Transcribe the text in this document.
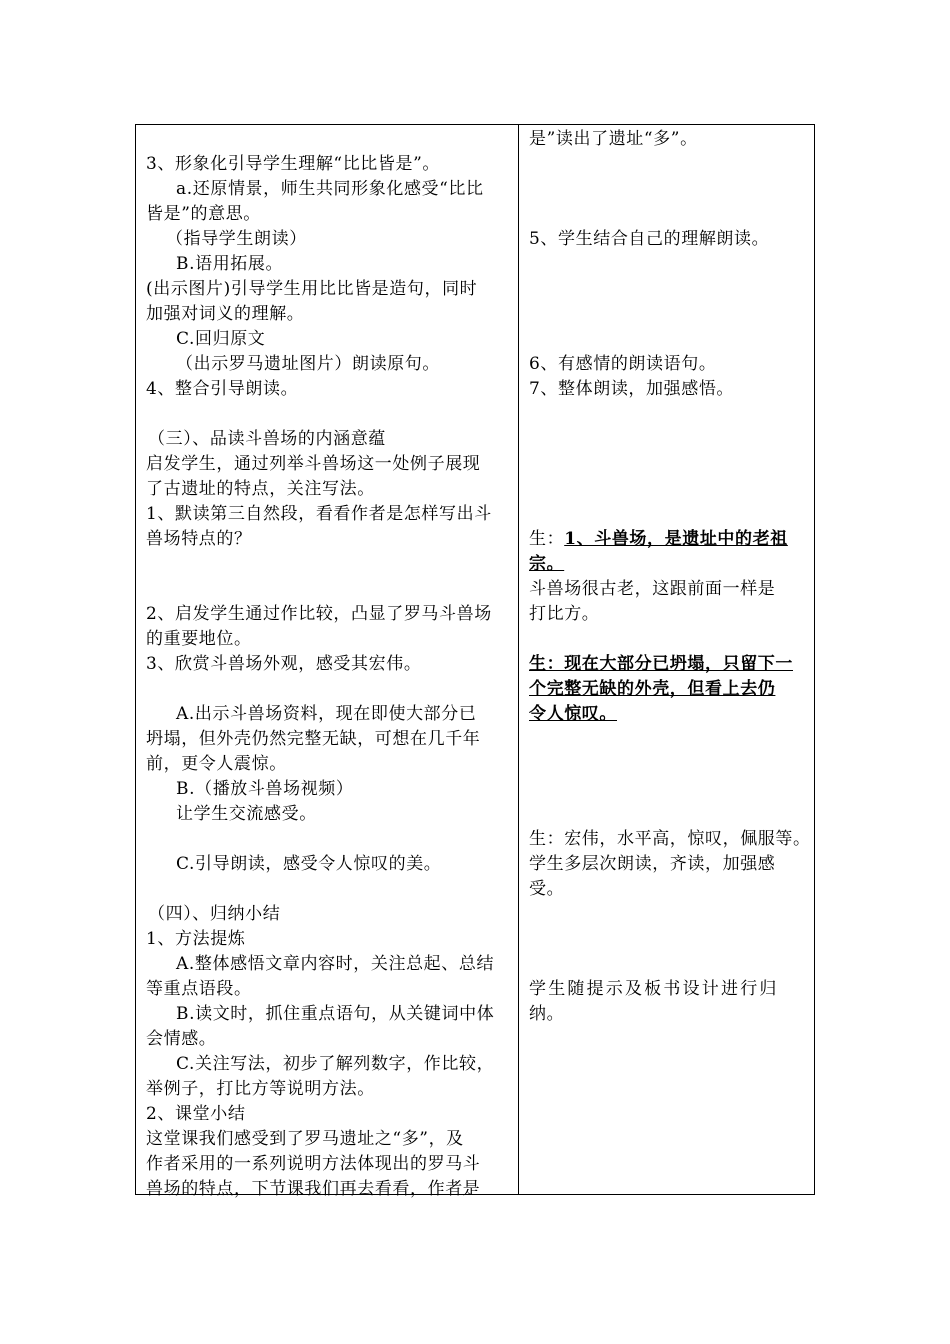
3、形象化引导学生理解“比比皆是”。
a.还原情景，师生共同形象化感受“比比
皆是”的意思。
（指导学生朗读）
B.语用拓展。
(出示图片)引导学生用比比皆是造句，同时
加强对词义的理解。
C.回归原文
（出示罗马遗址图片）朗读原句。
4、整合引导朗读。
（三）、品读斗兽场的内涵意蕴
启发学生，通过列举斗兽场这一处例子展现
了古遗址的特点，关注写法。
1、默读第三自然段，看看作者是怎样写出斗
兽场特点的？
2、启发学生通过作比较，凸显了罗马斗兽场
的重要地位。
3、欣赏斗兽场外观，感受其宏伟。
A.出示斗兽场资料，现在即使大部分已
坍塌，但外壳仍然完整无缺，可想在几千年
前，更令人震惊。
B.（播放斗兽场视频）
让学生交流感受。
C.引导朗读，感受令人惊叹的美。
（四）、归纳小结
1、方法提炼
A.整体感悟文章内容时，关注总起、总结
等重点语段。
B.读文时，抓住重点语句，从关键词中体
会情感。
C.关注写法，初步了解列数字，作比较，
举例子，打比方等说明方法。
2、课堂小结
这堂课我们感受到了罗马遗址之“多”，及
作者采用的一系列说明方法体现出的罗马斗
兽场的特点，下节课我们再去看看，作者是
是”读出了遗址“多”。
5、学生结合自己的理解朗读。
6、有感情的朗读语句。
7、整体朗读，加强感悟。
生：1、斗兽场，是遗址中的老祖
宗。
斗兽场很古老，这跟前面一样是
打比方。
生：现在大部分已坍塌，只留下一
个完整无缺的外壳，但看上去仍
令人惊叹。
生：宏伟，水平高，惊叹，佩服等。
学生多层次朗读，齐读，加强感
受。
学生随提示及板书设计进行归
纳。
